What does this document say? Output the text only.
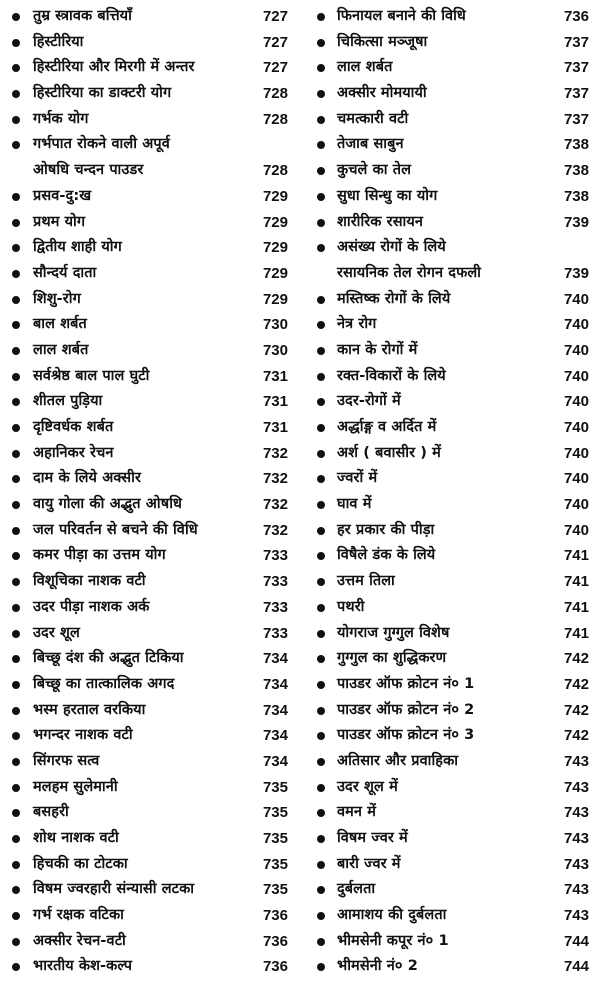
तुम्र स्त्रावक बत्तियाँ	727
हिस्टीरिया	727
हिस्टीरिया और मिरगी में अन्तर	727
हिस्टीरिया का डाक्टरी योग	728
गर्भक योग	728
गर्भपात रोकने वाली अपूर्व
ओषधि चन्दन पाउडर	728
प्रसव-दु:ख	729
प्रथम योग	729
द्वितीय शाही योग	729
सौन्दर्य दाता	729
शिशु-रोग	729
बाल शर्बत	730
लाल शर्बत	730
सर्वश्रेष्ठ बाल पाल घुटी	731
शीतल पुड़िया	731
दृष्टिवर्धक शर्बत	731
अहानिकर रेचन	732
दाम के लिये अक्सीर	732
वायु गोला की अद्भुत ओषधि	732
जल परिवर्तन से बचने की विधि	732
कमर पीड़ा का उत्तम योग	733
विशूचिका नाशक वटी	733
उदर पीड़ा नाशक अर्क	733
उदर शूल	733
बिच्छू दंश की अद्भुत टिकिया	734
बिच्छू का तात्कालिक अगद	734
भस्म हरताल वरकिया	734
भगन्दर नाशक वटी	734
सिंगरफ सत्व	734
मलहम सुलेमानी	735
बसहरी	735
शोथ नाशक वटी	735
हिचकी का टोटका	735
विषम ज्वरहारी संन्यासी लटका	735
गर्भ रक्षक वटिका	736
अक्सीर रेचन-वटी	736
भारतीय केश-कल्प	736
फिनायल बनाने की विधि	736
चिकित्सा मञ्जूषा	737
लाल शर्बत	737
अक्सीर मोमयायी	737
चमत्कारी वटी	737
तेजाब साबुन	738
कुचले का तेल	738
सुधा सिन्धु का योग	738
शारीरिक रसायन	739
असंख्य रोगों के लिये
रसायनिक तेल रोगन दफली	739
मस्तिष्क रोगों के लिये	740
नेत्र रोग	740
कान के रोगों में	740
रक्त-विकारों के लिये	740
उदर-रोगों में	740
अर्द्धाङ्ग व अर्दित में	740
अर्श ( बवासीर ) में	740
ज्वरों में	740
घाव में	740
हर प्रकार की पीड़ा	740
विषैले डंक के लिये	741
उत्तम तिला	741
पथरी	741
योगराज गुग्गुल विशेष	741
गुग्गुल का शुद्धिकरण	742
पाउडर ऑफ क्रोटन नं० 1	742
पाउडर ऑफ क्रोटन नं० 2	742
पाउडर ऑफ क्रोटन नं० 3	742
अतिसार और प्रवाहिका	743
उदर शूल में	743
वमन में	743
विषम ज्वर में	743
बारी ज्वर में	743
दुर्बलता	743
आमाशय की दुर्बलता	743
भीमसेनी कपूर नं० 1	744
भीमसेनी नं० 2	744
